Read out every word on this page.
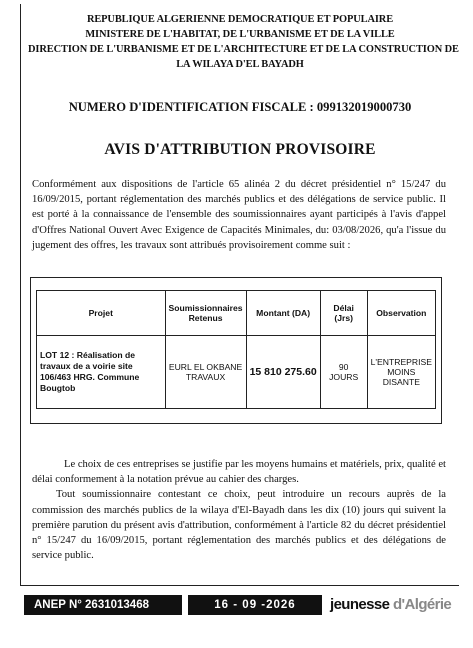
REPUBLIQUE ALGERIENNE DEMOCRATIQUE ET POPULAIRE
MINISTERE DE L'HABITAT, DE L'URBANISME ET DE LA VILLE
DIRECTION DE L'URBANISME ET DE L'ARCHITECTURE ET DE LA CONSTRUCTION DE
LA WILAYA D'EL BAYADH
NUMERO D'IDENTIFICATION FISCALE : 099132019000730
AVIS D'ATTRIBUTION PROVISOIRE
Conformément aux dispositions de l'article 65 alinéa 2 du décret présidentiel n° 15/247 du 16/09/2015, portant réglementation des marchés publics et des délégations de service public. Il est porté à la connaissance de l'ensemble des soumissionnaires ayant participés à l'avis d'appel d'Offres National Ouvert Avec Exigence de Capacités Minimales, du: 03/08/2026, qu'a l'issue du jugement des offres, les travaux sont attribués provisoirement comme suit :
Projet	Soumissionnaires Retenus	Montant (DA)	Délai (Jrs)	Observation
LOT 12 : Réalisation de travaux de a voirie site 106/463 HRG. Commune Bougtob	EURL EL OKBANE TRAVAUX	15 810 275.60	90 JOURS	L'ENTREPRISE MOINS DISANTE

Le choix de ces entreprises se justifie par les moyens humains et matériels, prix, qualité et délai conformement à la notation prévue au cahier des charges.

Tout soumissionnaire contestant ce choix, peut introduire un recours auprès de la commission des marchés publics de la wilaya d'El-Bayadh dans les dix (10) jours qui suivent la première parution du présent avis d'attribution, conformément à l'article 82 du décret présidentiel n° 15/247 du 16/09/2015, portant réglementation des marchés publics et des délégations de service public.

ANEP N° 2631013468	16 - 09 -2026	jeunesse d'Algérie
